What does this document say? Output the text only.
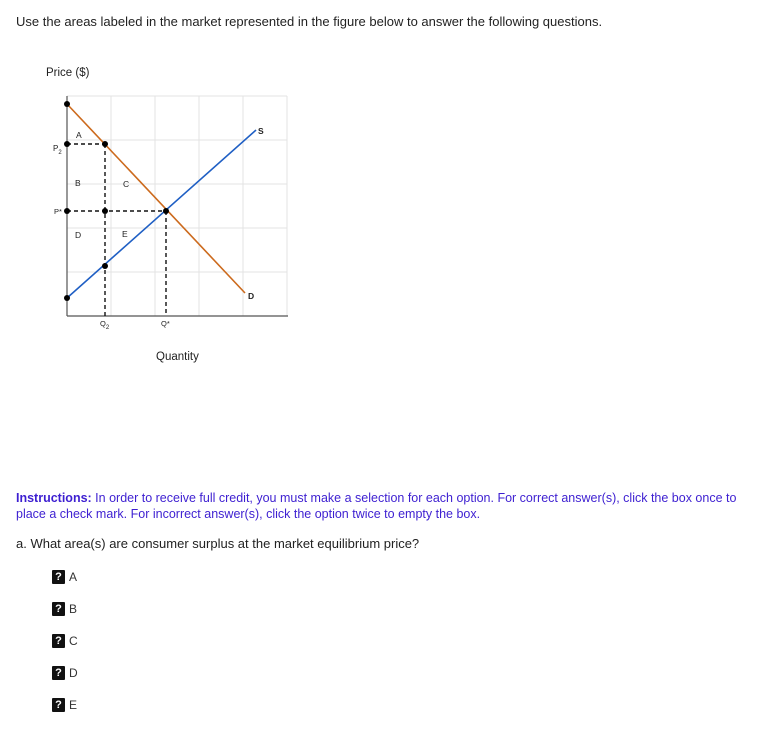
Use the areas labeled in the market represented in the figure below to answer the following questions.
Price ($)
A
B	C
D	E
S
D
$P_2$
P*
$Q_2$	Q*
Quantity
Instructions: In order to receive full credit, you must make a selection for each option. For correct answer(s), click the box once to place a check mark. For incorrect answer(s), click the option twice to empty the box.
a. What area(s) are consumer surplus at the market equilibrium price?
? A
? B
? C
? D
? E
